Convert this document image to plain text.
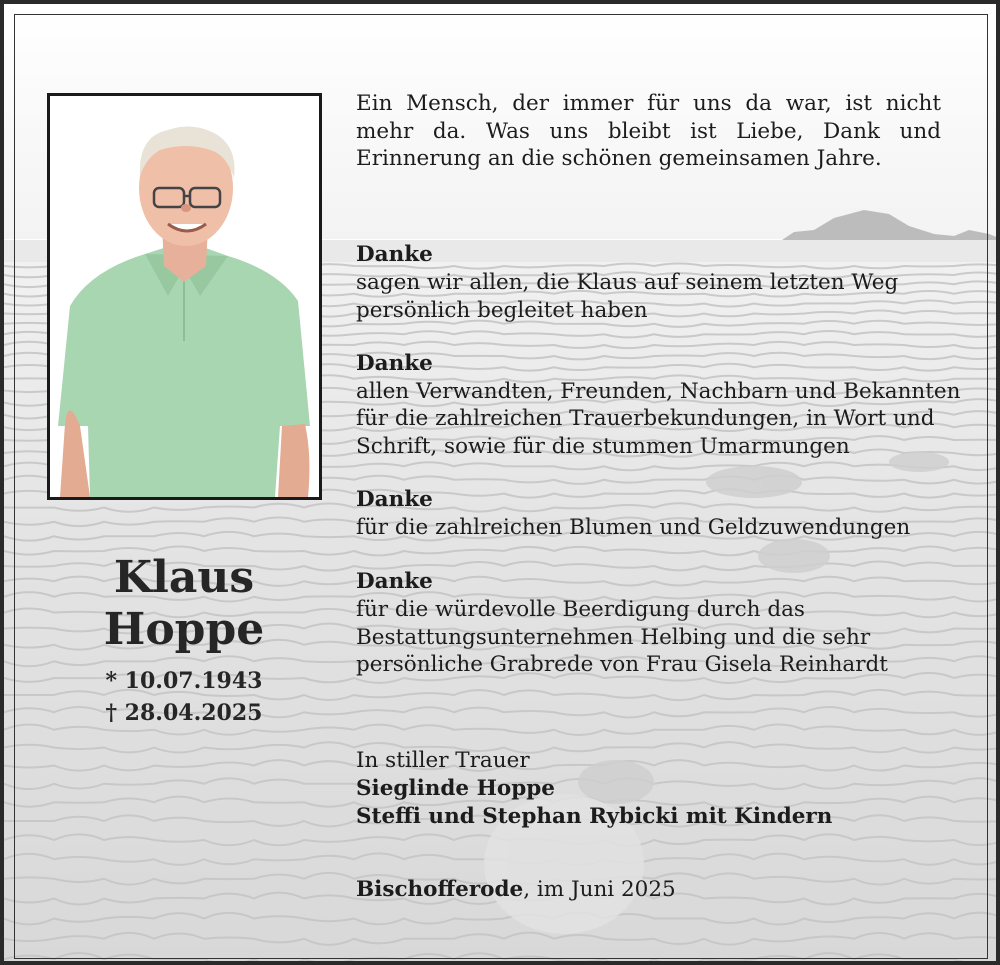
Klaus
Hoppe
* 10.07.1943
† 28.04.2025

Ein Mensch, der immer für uns da war, ist nicht mehr da. Was uns bleibt ist Liebe, Dank und Erinnerung an die schönen gemeinsamen Jahre.

Danke
sagen wir allen, die Klaus auf seinem letzten Weg
persönlich begleitet haben
Danke
allen Verwandten, Freunden, Nachbarn und Bekannten
für die zahlreichen Trauerbekundungen, in Wort und
Schrift, sowie für die stummen Umarmungen
Danke
für die zahlreichen Blumen und Geldzuwendungen
Danke
für die würdevolle Beerdigung durch das
Bestattungsunternehmen Helbing und die sehr
persönliche Grabrede von Frau Gisela Reinhardt
In stiller Trauer
Sieglinde Hoppe
Steffi und Stephan Rybicki mit Kindern
Bischofferode, im Juni 2025
